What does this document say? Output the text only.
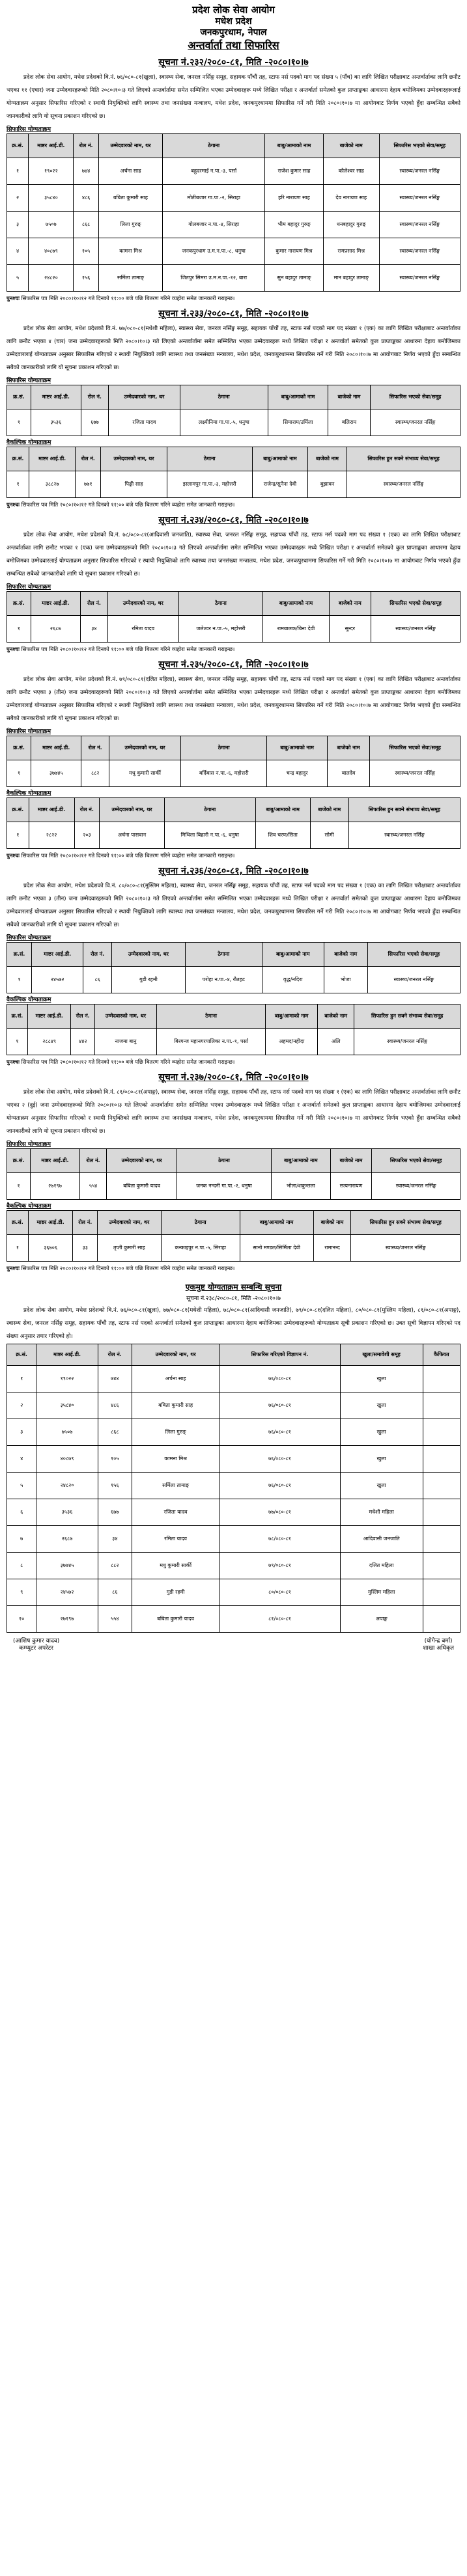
प्रदेश लोक सेवा आयोग
मधेश प्रदेश
जनकपुरधाम, नेपाल
अन्तर्वार्ता तथा सिफारिस
सूचना नं.२३२/२०८०-८१, मिति -२०८०।१०।७
प्रदेश लोक सेवा आयोग, मधेश प्रदेशको वि.नं. ७६/०८०-८१(खुला), स्वास्थ्य सेवा, जनरल नर्सिङ्ग समूह, सहायक पाँचौं तह, स्टाफ नर्स पदको माग पद संख्या ५ (पाँच) का लागि लिखित परीक्षाबाट अन्तर्वार्ताका लागि छनौट भएका ११ (एघार) जना उम्मेदवारहरूको मिति २०८०।१०।३ गते लिएको अन्तर्वार्तामा समेत सम्मिलित भएका उम्मेदवारहरू मध्ये लिखित परीक्षा र अन्तर्वार्ता समेतको कुल प्राप्ताङ्कका आधारमा देहाय बमोजिमका उम्मेदवारहरूलाई योग्यताक्रम अनुसार सिफारिस गरिएको र स्थायी नियुक्तिको लागि स्वास्थ्य तथा जनसंख्या मन्त्रालय, मधेश प्रदेश, जनकपुरधाममा सिफारिस गर्ने गरी मिति २०८०।१०।७ मा आयोगबाट निर्णय भएको हुँदा सम्बन्धित सबैको जानकारीको लागि यो सूचना प्रकाशन गरिएको छ।
सिफारिस योग्यताक्रम
क्र.सं.	माष्टर आई.डी.	रोल नं.	उम्मेदवारको नाम, थर	ठेगाना	बाबु/आमाको नाम	बाजेको नाम	सिफारिस भएको सेवा/समूह
१	१९०२२	७४४	अर्चना साह	बहुदरमाई न.पा.-३, पर्सा	राजेश कुमार साह	कौलेश्वर साह	स्वास्थ्य/जनरल नर्सिङ्ग
२	३५८४०	४८६	बबिता कुमारी साह	मोतीबजार गा.पा.-२, सिराहा	हरि नारायण साह	देव नारायण साह	स्वास्थ्य/जनरल नर्सिङ्ग
३	७५०७	८६८	लिला गुरुङ्	गोलबजार न.पा.-४, सिराहा	भीम बहादुर गुरुङ्	धनबहादुर गुरुङ्	स्वास्थ्य/जनरल नर्सिङ्ग
४	४०८७९	१०५	कामना मिश्र	जनकपुरधाम उ.म.न.पा.-८, धनुषा	कुमार नारायण मिश्र	रामप्रसाद मिश्र	स्वास्थ्य/जनरल नर्सिङ्ग
५	२४८२०	१५६	सर्मिला तामाङ्	जितपुर सिमरा उ.म.न.पा.-१२, बारा	सुन बहादुर तामाङ्	मान बहादुर तामाङ्	स्वास्थ्य/जनरल नर्सिङ्ग
पुनश्चः सिफारिस पत्र मिति २०८०।१०।१२ गते दिनको ११:०० बजे पछि बितरण गरिने व्यहोरा समेत जानकारी गराइन्छ।
सूचना नं.२३३/२०८०-८१, मिति -२०८०।१०।७
प्रदेश लोक सेवा आयोग, मधेश प्रदेशको वि.नं. ७७/०८०-८१(मधेशी महिला), स्वास्थ्य सेवा, जनरल नर्सिङ्ग समूह, सहायक पाँचौं तह, स्टाफ नर्स पदको माग पद संख्या १ (एक) का लागि लिखित परीक्षाबाट अन्तर्वार्ताका लागि छनौट भएका ४ (चार) जना उम्मेदवारहरूको मिति २०८०।१०।३ गते लिएको अन्तर्वार्तामा समेत सम्मिलित भएका उम्मेदवारहरू मध्ये लिखित परीक्षा र अन्तर्वार्ता समेतको कुल प्राप्ताङ्कका आधारमा देहाय बमोजिमका उम्मेदवारलाई योग्यताक्रम अनुसार सिफारिस गरिएको र स्थायी नियुक्तिको लागि स्वास्थ्य तथा जनसंख्या मन्त्रालय, मधेश प्रदेश, जनकपुरधाममा सिफारिस गर्ने गरी मिति २०८०।१०।७ मा आयोगबाट निर्णय भएको हुँदा सम्बन्धित सबैको जानकारीको लागि यो सूचना प्रकाशन गरिएको छ।
सिफारिस योग्यताक्रम
क्र.सं.	माष्टर आई.डी.	रोल नं.	उम्मेदवारको नाम, थर	ठेगाना	बाबु/आमाको नाम	बाजेको नाम	सिफारिस भएको सेवा/समूह
१	३५३६	६७७	रजिता यादव	लक्ष्मीनिया गा.पा.-५, धनुषा	सियाराम/उर्मिला	बलिराम	स्वास्थ्य/जनरल नर्सिङ्ग
वैकल्पिक योग्यताक्रम
क्र.सं.	माष्टर आई.डी.	रोल नं.	उम्मेदवारको नाम, थर	ठेगाना	बाबु/आमाको नाम	बाजेको नाम	सिफारिस हुन सक्ने संभाव्य सेवा/समूह
१	३८८२७	७७१	पिङ्की साह	इस्लामपुर गा.पा.-३, महोत्तरी	राजेन्द्र/सुनैना देवी	बुझावन	स्वास्थ्य/जनरल नर्सिङ्ग
पुनश्चः सिफारिस पत्र मिति २०८०।१०।१२ गते दिनको ११:०० बजे पछि बितरण गरिने व्यहोरा समेत जानकारी गराइन्छ।
सूचना नं.२३४/२०८०-८१, मिति -२०८०।१०।७
प्रदेश लोक सेवा आयोग, मधेश प्रदेशको वि.नं. ७८/०८०-८१(आदिवासी जनजाति), स्वास्थ्य सेवा, जनरल नर्सिङ्ग समूह, सहायक पाँचौं तह, स्टाफ नर्स पदको माग पद संख्या १ (एक) का लागि लिखित परीक्षाबाट अन्तर्वार्ताका लागि छनौट भएका १ (एक) जना उम्मेदवारहरूको मिति २०८०।१०।३ गते लिएको अन्तर्वार्तामा समेत सम्मिलित भएका उम्मेदवारहरू मध्ये लिखित परीक्षा र अन्तर्वार्ता समेतको कुल प्राप्ताङ्कका आधारमा देहाय बमोजिमका उम्मेदवारलाई योग्यताक्रम अनुसार सिफारिस गरिएको र स्थायी नियुक्तिको लागि स्वास्थ्य तथा जनसंख्या मन्त्रालय, मधेश प्रदेश, जनकपुरधाममा सिफारिस गर्ने गरी मिति २०८०।१०।७ मा आयोगबाट निर्णय भएको हुँदा सम्बन्धित सबैको जानकारीको लागि यो सूचना प्रकाशन गरिएको छ।
सिफारिस योग्यताक्रम
क्र.सं.	माष्टर आई.डी.	रोल नं.	उम्मेदवारको नाम, थर	ठेगाना	बाबु/आमाको नाम	बाजेको नाम	सिफारिस भएको सेवा/समूह
१	२६८७	३४	रमिता यादव	जलेश्वर न.पा.-५, महोत्तरी	रामबालक/बिना देवी	सुन्दर	स्वास्थ्य/जनरल नर्सिङ्ग
पुनश्चः सिफारिस पत्र मिति २०८०।१०।१२ गते दिनको ११:०० बजे पछि बितरण गरिने व्यहोरा समेत जानकारी गराइन्छ।
सूचना नं.२३५/२०८०-८१, मिति -२०८०।१०।७
प्रदेश लोक सेवा आयोग, मधेश प्रदेशको वि.नं. ७९/०८०-८१(दलित महिला), स्वास्थ्य सेवा, जनरल नर्सिङ्ग समूह, सहायक पाँचौं तह, स्टाफ नर्स पदको माग पद संख्या १ (एक) का लागि लिखित परीक्षाबाट अन्तर्वार्ताका लागि छनौट भएका ३ (तीन) जना उम्मेदवारहरूको मिति २०८०।१०।३ गते लिएको अन्तर्वार्तामा समेत सम्मिलित भएका उम्मेदवारहरू मध्ये लिखित परीक्षा र अन्तर्वार्ता समेतको कुल प्राप्ताङ्कका आधारमा देहाय बमोजिमका उम्मेदवारलाई योग्यताक्रम अनुसार सिफारिस गरिएको र स्थायी नियुक्तिको लागि स्वास्थ्य तथा जनसंख्या मन्त्रालय, मधेश प्रदेश, जनकपुरधाममा सिफारिस गर्ने गरी मिति २०८०।१०।७ मा आयोगबाट निर्णय भएको हुँदा सम्बन्धित सबैको जानकारीको लागि यो सूचना प्रकाशन गरिएको छ।
सिफारिस योग्यताक्रम
क्र.सं.	माष्टर आई.डी.	रोल नं.	उम्मेदवारको नाम, थर	ठेगाना	बाबु/आमाको नाम	बाजेको नाम	सिफारिस भएको सेवा/समूह
१	३७७४५	८८२	मधु कुमारी सार्की	बर्दिबास न.पा.-६, महोत्तरी	चन्द्र बहादुर	बालदेव	स्वास्थ्य/जनरल नर्सिङ्ग
वैकल्पिक योग्यताक्रम
क्र.सं.	माष्टर आई.डी.	रोल नं.	उम्मेदवारको नाम, थर	ठेगाना	बाबु/आमाको नाम	बाजेको नाम	सिफारिस हुन सक्ने संभाव्य सेवा/समूह
१	२८२२	२०३	अर्चना पासवान	मिथिला बिहारी न.पा.-६, धनुषा	शिव चरण/सिता	सोमी	स्वास्थ्य/जनरल नर्सिङ्ग
पुनश्चः सिफारिस पत्र मिति २०८०।१०।१२ गते दिनको ११:०० बजे पछि बितरण गरिने व्यहोरा समेत जानकारी गराइन्छ।
सूचना नं.२३६/२०८०-८१, मिति -२०८०।१०।७
प्रदेश लोक सेवा आयोग, मधेश प्रदेशको वि.नं. ८०/०८०-८१(मुस्लिम महिला), स्वास्थ्य सेवा, जनरल नर्सिङ्ग समूह, सहायक पाँचौं तह, स्टाफ नर्स पदको माग पद संख्या १ (एक) का लागि लिखित परीक्षाबाट अन्तर्वार्ताका लागि छनौट भएका ३ (तीन) जना उम्मेदवारहरूको मिति २०८०।१०।३ गते लिएको अन्तर्वार्तामा समेत सम्मिलित भएका उम्मेदवारहरू मध्ये लिखित परीक्षा र अन्तर्वार्ता समेतको कुल प्राप्ताङ्कका आधारमा देहाय बमोजिमका उम्मेदवारलाई योग्यताक्रम अनुसार सिफारिस गरिएको र स्थायी नियुक्तिको लागि स्वास्थ्य तथा जनसंख्या मन्त्रालय, मधेश प्रदेश, जनकपुरधाममा सिफारिस गर्ने गरी मिति २०८०।१०।७ मा आयोगबाट निर्णय भएको हुँदा सम्बन्धित सबैको जानकारीको लागि यो सूचना प्रकाशन गरिएको छ।
सिफारिस योग्यताक्रम
क्र.सं.	माष्टर आई.डी.	रोल नं.	उम्मेदवारको नाम, थर	ठेगाना	बाबु/आमाको नाम	बाजेको नाम	सिफारिस भएको सेवा/समूह
१	२४५७२	८६	गुडी रहमी	परोहा न.पा.-४, रौतहट	वृद्ध/नदिरा	भोजा	स्वास्थ्य/जनरल नर्सिङ्ग
वैकल्पिक योग्यताक्रम
क्र.सं.	माष्टर आई.डी.	रोल नं.	उम्मेदवारको नाम, थर	ठेगाना	बाबु/आमाको नाम	बाजेको नाम	सिफारिस हुन सक्ने संभाव्य सेवा/समूह
१	२८८४९	४४२	नाजमा बानु	बिरगन्ज महानगरपालिका न.पा.-१, पर्सा	अहमद/नहीदा	अलि	स्वास्थ्य/जनरल नर्सिङ्ग
पुनश्चः सिफारिस पत्र मिति २०८०।१०।१२ गते दिनको ११:०० बजे पछि बितरण गरिने व्यहोरा समेत जानकारी गराइन्छ।
सूचना नं.२३७/२०८०-८१, मिति -२०८०।१०।७
प्रदेश लोक सेवा आयोग, मधेश प्रदेशको वि.नं. ८१/०८०-८१(अपाङ्ग), स्वास्थ्य सेवा, जनरल नर्सिङ्ग समूह, सहायक पाँचौं तह, स्टाफ नर्स पदको माग पद संख्या १ (एक) का लागि लिखित परीक्षाबाट अन्तर्वार्ताका लागि छनौट भएका २ (दुई) जना उम्मेदवारहरूको मिति २०८०।१०।३ गते लिएको अन्तर्वार्तामा समेत सम्मिलित भएका उम्मेदवारहरू मध्ये लिखित परीक्षा र अन्तर्वार्ता समेतको कुल प्राप्ताङ्कका आधारमा देहाय बमोजिमका उम्मेदवारलाई योग्यताक्रम अनुसार सिफारिस गरिएको र स्थायी नियुक्तिको लागि स्वास्थ्य तथा जनसंख्या मन्त्रालय, मधेश प्रदेश, जनकपुरधाममा सिफारिस गर्ने गरी मिति २०८०।१०।७ मा आयोगबाट निर्णय भएको हुँदा सम्बन्धित सबैको जानकारीको लागि यो सूचना प्रकाशन गरिएको छ।
सिफारिस योग्यताक्रम
क्र.सं.	माष्टर आई.डी.	रोल नं.	उम्मेदवारको नाम, थर	ठेगाना	बाबु/आमाको नाम	बाजेको नाम	सिफारिस भएको सेवा/समूह
१	२७१९७	५५४	बबिता कुमारी यादव	जनक नन्दनी गा.पा.-२, धनुषा	भोला/शकुन्तला	सत्यनारायण	स्वास्थ्य/जनरल नर्सिङ्ग
वैकल्पिक योग्यताक्रम
क्र.सं.	माष्टर आई.डी.	रोल नं.	उम्मेदवारको नाम, थर	ठेगाना	बाबु/आमाको नाम	बाजेको नाम	सिफारिस हुन सक्ने संभाव्य सेवा/समूह
१	३६७०६	३३	तृप्ती कुमारी साह	कन्काइपुर न.पा.-५, सिराहा	सानो मण्डल/सिर्मिला देवी	रामानन्द	स्वास्थ्य/जनरल नर्सिङ्ग
पुनश्चः सिफारिस पत्र मिति २०८०।१०।१२ गते दिनको ११:०० बजे पछि बितरण गरिने व्यहोरा समेत जानकारी गराइन्छ।
एकमुष्ट योग्यताक्रम सम्बन्धि सूचना
सूचना नं.२३८/२०८०-८१, मिति -२०८०।१०।७
प्रदेश लोक सेवा आयोग, मधेश प्रदेशको वि.नं. ७६/०८०-८१(खुला), ७७/०८०-८१(मधेशी महिला), ७८/०८०-८१(आदिवासी जनजाति), ७९/०८०-८१(दलित महिला), ८०/०८०-८१(मुस्लिम महिला), ८१/०८०-८१(अपाङ्ग), स्वास्थ्य सेवा, जनरल नर्सिङ्ग समूह, सहायक पाँचौं तह, स्टाफ नर्स पदको अन्तर्वार्ता समेतको कुल प्राप्ताङ्कका आधारमा देहाय बमोजिमका उम्मेदवारहरूको योग्यताक्रम सूची प्रकाशन गरिएको छ। उक्त सूची विज्ञापन गरिएको पद संख्या अनुसार तयार गरिएको हो।
क्र.सं.	माष्टर आई.डी.	रोल नं.	उम्मेदवारको नाम, थर	सिफारिस गरिएको विज्ञापन नं.	खुला/समावेशी समूह	कैफियत
१	१९०२२	७४४	अर्चना साह	७६/०८०-८१	खुला	
२	३५८४०	४८६	बबिता कुमारी साह	७६/०८०-८१	खुला	
३	७५०७	८६८	लिला गुरुङ्	७६/०८०-८१	खुला	
४	४०८७९	१०५	कामना मिश्र	७६/०८०-८१	खुला	
५	२४८२०	१५६	सर्मिला तामाङ्	७६/०८०-८१	खुला	
६	३५३६	६७७	रजिता यादव	७७/०८०-८१	मधेशी महिला	
७	२६८७	३४	रमिता यादव	७८/०८०-८१	आदिवासी जनजाति	
८	३७७४५	८८२	मधु कुमारी सार्की	७९/०८०-८१	दलित महिला	
९	२४५७२	८६	गुडी रहमी	८०/०८०-८१	मुस्लिम महिला	
१०	२७१९७	५५४	बबिता कुमारी यादव	८१/०८०-८१	अपाङ्ग	
(आशिष कुमार यादव)
कम्प्युटर अपरेटर
(योगेन्द्र बर्मा)
शाखा अधिकृत
